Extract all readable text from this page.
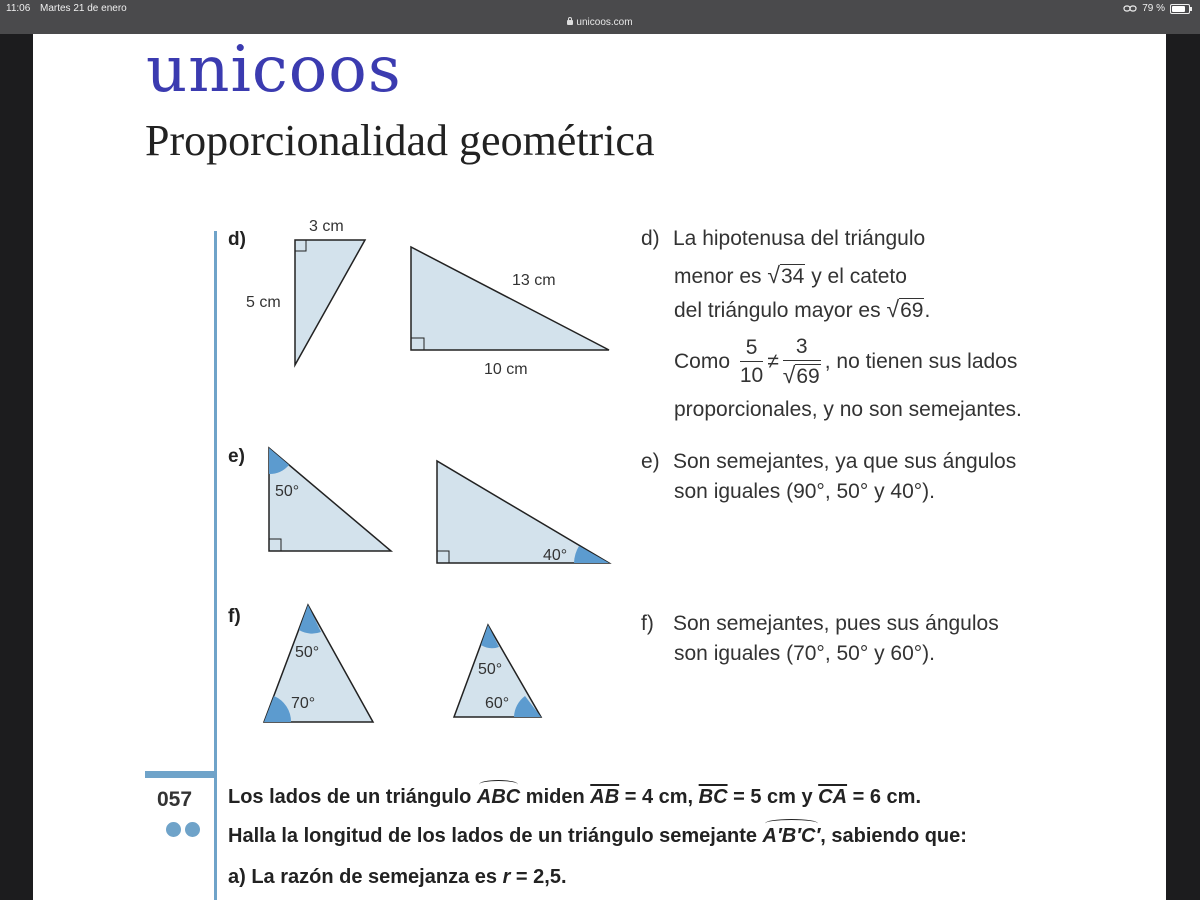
11:06 Martes 21 de enero
unicoos.com
79 %
unicoos
Proporcionalidad geométrica
d)
e)
f)
3 cm
5 cm
13 cm
10 cm
50°
40°
50°
70°
50°
60°
d) La hipotenusa del triángulo
menor es √34 y el cateto
del triángulo mayor es √69.
Como $\frac{5}{10} \ne \frac{3}{√69}$ , no tienen sus lados
proporcionales, y no son semejantes.
e) Son semejantes, ya que sus ángulos
son iguales (90°, 50° y 40°).
f) Son semejantes, pues sus ángulos
son iguales (70°, 50° y 60°).
057 Los lados de un triángulo ABC miden $\overline{AB} = 4$ cm, $\overline{BC} = 5$ cm y $\overline{CA} = 6$ cm.
Halla la longitud de los lados de un triángulo semejante A′B′C′, sabiendo que:
a) La razón de semejanza es r = 2,5.
